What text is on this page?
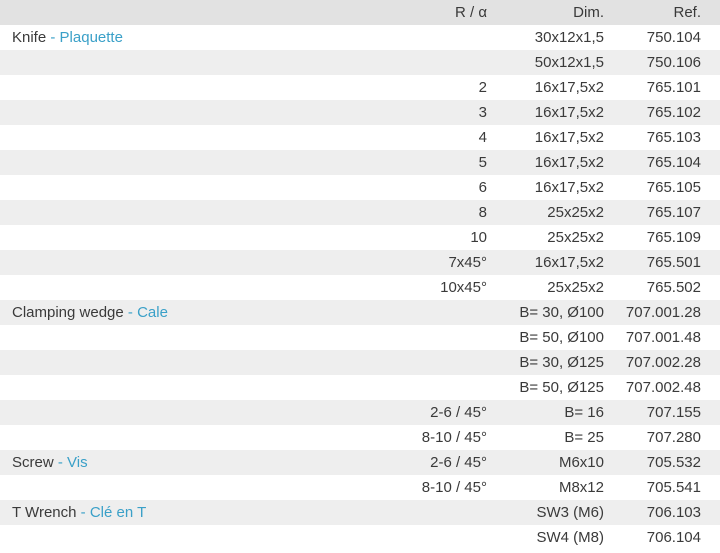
	R / α	Dim.	Ref.
Knife - Plaquette		30x12x1,5	750.104
		50x12x1,5	750.106
	2	16x17,5x2	765.101
	3	16x17,5x2	765.102
	4	16x17,5x2	765.103
	5	16x17,5x2	765.104
	6	16x17,5x2	765.105
	8	25x25x2	765.107
	10	25x25x2	765.109
	7x45°	16x17,5x2	765.501
	10x45°	25x25x2	765.502
Clamping wedge - Cale		B= 30, Ø100	707.001.28
		B= 50, Ø100	707.001.48
		B= 30, Ø125	707.002.28
		B= 50, Ø125	707.002.48
	2-6 / 45°	B= 16	707.155
	8-10 / 45°	B= 25	707.280
Screw - Vis	2-6 / 45°	M6x10	705.532
	8-10 / 45°	M8x12	705.541
T Wrench - Clé en T		SW3 (M6)	706.103
		SW4 (M8)	706.104
